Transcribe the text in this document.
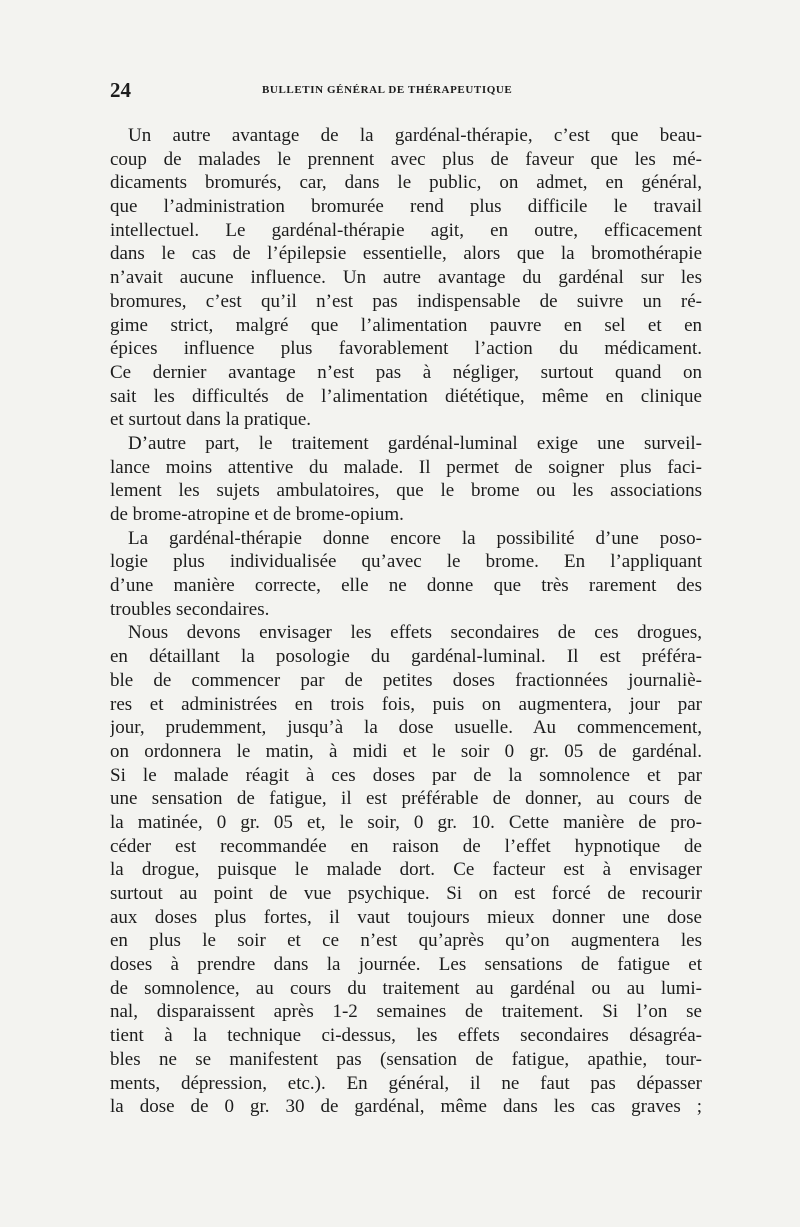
24	BULLETIN GÉNÉRAL DE THÉRAPEUTIQUE
Un autre avantage de la gardénal-thérapie, c’est que beau-
coup de malades le prennent avec plus de faveur que les mé-
dicaments bromurés, car, dans le public, on admet, en général,
que l’administration bromurée rend plus difficile le travail
intellectuel. Le gardénal-thérapie agit, en outre, efficacement
dans le cas de l’épilepsie essentielle, alors que la bromothérapie
n’avait aucune influence. Un autre avantage du gardénal sur les
bromures, c’est qu’il n’est pas indispensable de suivre un ré-
gime strict, malgré que l’alimentation pauvre en sel et en
épices influence plus favorablement l’action du médicament.
Ce dernier avantage n’est pas à négliger, surtout quand on
sait les difficultés de l’alimentation diététique, même en clinique
et surtout dans la pratique.
D’autre part, le traitement gardénal-luminal exige une surveil-
lance moins attentive du malade. Il permet de soigner plus faci-
lement les sujets ambulatoires, que le brome ou les associations
de brome-atropine et de brome-opium.
La gardénal-thérapie donne encore la possibilité d’une poso-
logie plus individualisée qu’avec le brome. En l’appliquant
d’une manière correcte, elle ne donne que très rarement des
troubles secondaires.
Nous devons envisager les effets secondaires de ces drogues,
en détaillant la posologie du gardénal-luminal. Il est préféra-
ble de commencer par de petites doses fractionnées journaliè-
res et administrées en trois fois, puis on augmentera, jour par
jour, prudemment, jusqu’à la dose usuelle. Au commencement,
on ordonnera le matin, à midi et le soir 0 gr. 05 de gardénal.
Si le malade réagit à ces doses par de la somnolence et par
une sensation de fatigue, il est préférable de donner, au cours de
la matinée, 0 gr. 05 et, le soir, 0 gr. 10. Cette manière de pro-
céder est recommandée en raison de l’effet hypnotique de
la drogue, puisque le malade dort. Ce facteur est à envisager
surtout au point de vue psychique. Si on est forcé de recourir
aux doses plus fortes, il vaut toujours mieux donner une dose
en plus le soir et ce n’est qu’après qu’on augmentera les
doses à prendre dans la journée. Les sensations de fatigue et
de somnolence, au cours du traitement au gardénal ou au lumi-
nal, disparaissent après 1-2 semaines de traitement. Si l’on se
tient à la technique ci-dessus, les effets secondaires désagréa-
bles ne se manifestent pas (sensation de fatigue, apathie, tour-
ments, dépression, etc.). En général, il ne faut pas dépasser
la dose de 0 gr. 30 de gardénal, même dans les cas graves ;
